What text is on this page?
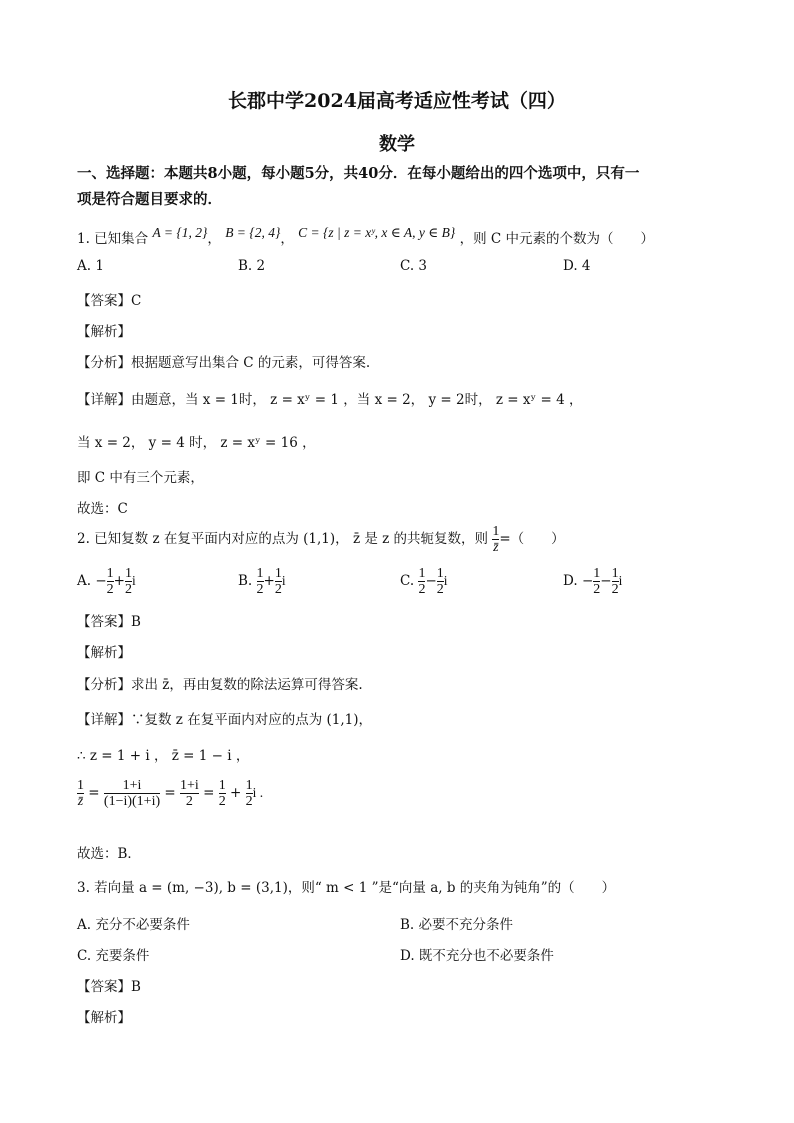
长郡中学2024届高考适应性考试（四）
数学
一、选择题：本题共8小题，每小题5分，共40分．在每小题给出的四个选项中，只有一
项是符合题目要求的．
1. 已知集合 A = {1, 2}， B = {2, 4}， C = {z | z = xʸ, x ∈ A, y ∈ B} ，则 C 中元素的个数为（　　）
A. 1	B. 2	C. 3	D. 4
【答案】C
【解析】
【分析】根据题意写出集合 C 的元素，可得答案.
【详解】由题意，当 x = 1时， z = xʸ = 1 ，当 x = 2， y = 2时， z = xʸ = 4 ，
当 x = 2， y = 4 时， z = xʸ = 16 ，
即 C 中有三个元素，
故选：C
2. 已知复数 z 在复平面内对应的点为 (1,1)， z̄ 是 z 的共轭复数，则 $\frac{1}{z̄}$ =（　　）
A. − $\frac{1}{2} + \frac{1}{2}$ i	B. $\frac{1}{2} + \frac{1}{2}$ i	C. $\frac{1}{2} - \frac{1}{2}$ i	D. − $\frac{1}{2} - \frac{1}{2}$ i
【答案】B
【解析】
【分析】求出 z̄，再由复数的除法运算可得答案.
【详解】∵复数 z 在复平面内对应的点为 (1,1)，
∴ z = 1 + i ， z̄ = 1 − i ，
$\frac{1}{z̄} = \frac{1+i}{(1-i)(1+i)} = \frac{1+i}{2} = \frac{1}{2} + \frac{1}{2}$ i .
故选：B．
3. 若向量 a = (m, −3), b = (3,1)，则“ m < 1 ”是“向量 a, b 的夹角为钝角”的（　　）
A. 充分不必要条件	B. 必要不充分条件
C. 充要条件	D. 既不充分也不必要条件
【答案】B
【解析】
